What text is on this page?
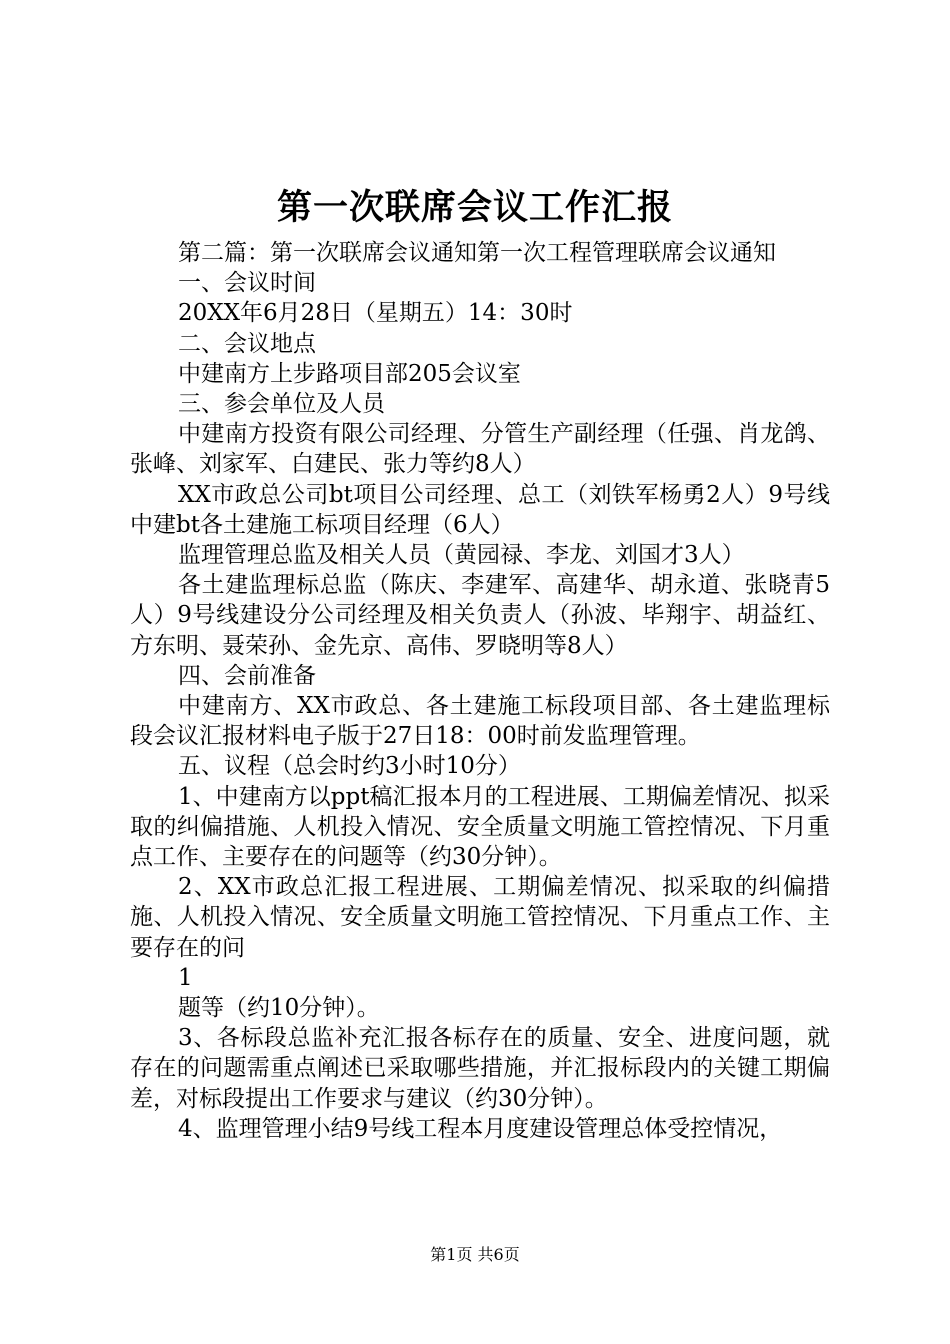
第一次联席会议工作汇报

第二篇：第一次联席会议通知第一次工程管理联席会议通知

一、会议时间

20XX年6月28日（星期五）14：30时

二、会议地点

中建南方上步路项目部205会议室

三、参会单位及人员

中建南方投资有限公司经理、分管生产副经理（任强、肖龙鸽、张峰、刘家军、白建民、张力等约8人）

XX市政总公司bt项目公司经理、总工（刘铁军杨勇2人）9号线中建bt各土建施工标项目经理（6人）

监理管理总监及相关人员（黄园禄、李龙、刘国才3人）

各土建监理标总监（陈庆、李建军、高建华、胡永道、张晓青5人）9号线建设分公司经理及相关负责人（孙波、毕翔宇、胡益红、方东明、聂荣孙、金先京、高伟、罗晓明等8人）

四、会前准备

中建南方、XX市政总、各土建施工标段项目部、各土建监理标段会议汇报材料电子版于27日18：00时前发监理管理。

五、议程（总会时约3小时10分）

1、中建南方以ppt稿汇报本月的工程进展、工期偏差情况、拟采取的纠偏措施、人机投入情况、安全质量文明施工管控情况、下月重点工作、主要存在的问题等（约30分钟）。

2、XX市政总汇报工程进展、工期偏差情况、拟采取的纠偏措施、人机投入情况、安全质量文明施工管控情况、下月重点工作、主要存在的问

1

题等（约10分钟）。

3、各标段总监补充汇报各标存在的质量、安全、进度问题，就存在的问题需重点阐述已采取哪些措施，并汇报标段内的关键工期偏差，对标段提出工作要求与建议（约30分钟）。

4、监理管理小结9号线工程本月度建设管理总体受控情况，

第1页 共6页
